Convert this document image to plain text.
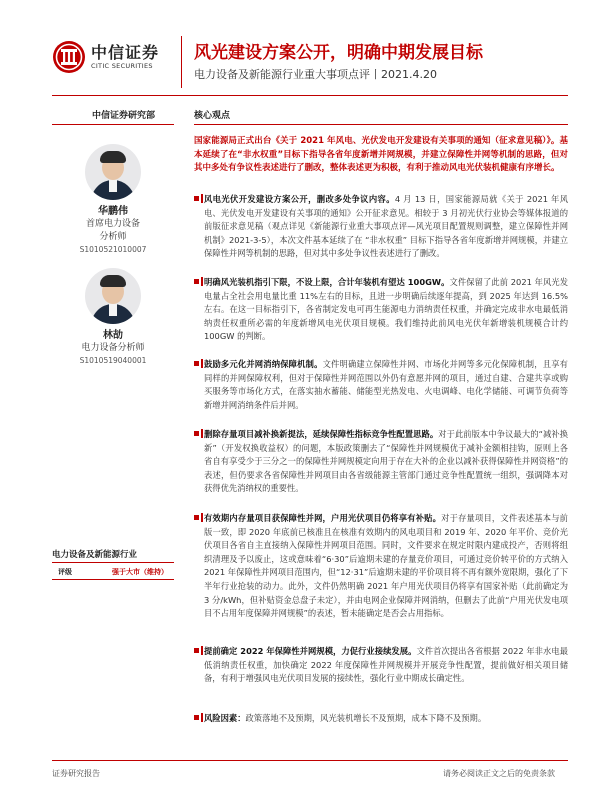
中信证券
CITIC SECURITIES
风光建设方案公开，明确中期发展目标
电力设备及新能源行业重大事项点评丨2021.4.20
中信证券研究部	核心观点
华鹏伟
首席电力设备
分析师
S1010521010007
林劼
电力设备分析师
S1010519040001
电力设备及新能源行业
评级	强于大市（维持）
国家能源局正式出台《关于 2021 年风电、光伏发电开发建设有关事项的通知（征求意见稿）》。基本延续了在“非水权重”目标下指导各省年度新增并网规模，并建立保障性并网等机制的思路，但对其中多处有争议性表述进行了删改，整体表述更为积极，有利于推动风电光伏装机健康有序增长。
风电光伏开发建设方案公开，删改多处争议内容。4 月 13 日，国家能源局就《关于 2021 年风电、光伏发电开发建设有关事项的通知》公开征求意见。相较于 3 月初光伏行业协会等媒体报道的前版征求意见稿（观点详见《新能源行业重大事项点评—风光项目配置规则调整，建立保障性并网机制》2021-3-5），本次文件基本延续了在 “非水权重” 目标下指导各省年度新增并网规模，并建立保障性并网等机制的思路，但对其中多处争议性表述进行了删改。
明确风光装机指引下限，不设上限，合计年装机有望达 100GW。文件保留了此前 2021 年风光发电量占全社会用电量比重 11%左右的目标，且进一步明确后续逐年提高，到 2025 年达到 16.5%左右。在这一目标指引下，各省制定发电可再生能源电力消纳责任权重，并确定完成非水电最低消纳责任权重所必需的年度新增风电光伏项目规模。我们维持此前风电光伏年新增装机规模合计约 100GW 的判断。
鼓励多元化并网消纳保障机制。文件明确建立保障性并网、市场化并网等多元化保障机制，且享有同样的并网保障权利，但对于保障性并网范围以外仍有意愿并网的项目，通过自建、合建共享或购买服务等市场化方式，在落实抽水蓄能、储能型光热发电、火电调峰、电化学储能、可调节负荷等新增并网消纳条件后并网。
删除存量项目减补换新提法，延续保障性指标竞争性配置思路。对于此前版本中争议最大的“减补换新”（开发权换收益权）的问题，本版政策删去了“保障性并网规模优于减补金额相挂钩，原则上各省自有享受少于三分之一的保障性并网规模定向用于存在大补的企业以减补获得保障性并网资格”的表述，但仍要求各省保障性并网项目由各省级能源主管部门通过竞争性配置统一组织，强调降本对获得优先消纳权的重要性。
有效期内存量项目获保障性并网，户用光伏项目仍将享有补贴。对于存量项目，文件表述基本与前版一致，即 2020 年底前已核准且在核准有效期内的风电项目和 2019 年、2020 年平价、竞价光伏项目各省自主直接纳入保障性并网项目范围。同时，文件要求在规定时限内建成投产，否则将组织清理及予以废止，这或意味着“6·30”后逾期未建的存量竞价项目，可通过竞价转平价的方式纳入 2021 年保障性并网项目范围内，但“12·31”后逾期未建的平价项目将不再有额外宽限期，强化了下半年行业抢装的动力。此外，文件仍然明确 2021 年户用光伏项目仍将享有国家补贴（此前确定为 3 分/kWh，但补贴资金总盘子未定），并由电网企业保障并网消纳，但删去了此前“户用光伏发电项目不占用年度保障并网规模”的表述，暂未能确定是否会占用指标。
提前确定 2022 年保障性并网规模，力促行业接续发展。文件首次提出各省根据 2022 年非水电最低消纳责任权重，加快确定 2022 年度保障性并网规模并开展竞争性配置，提前做好相关项目储备，有利于增强风电光伏项目发展的接续性，强化行业中期成长确定性。
风险因素：政策落地不及预期，风光装机增长不及预期，成本下降不及预期。
证券研究报告	请务必阅读正文之后的免责条款
